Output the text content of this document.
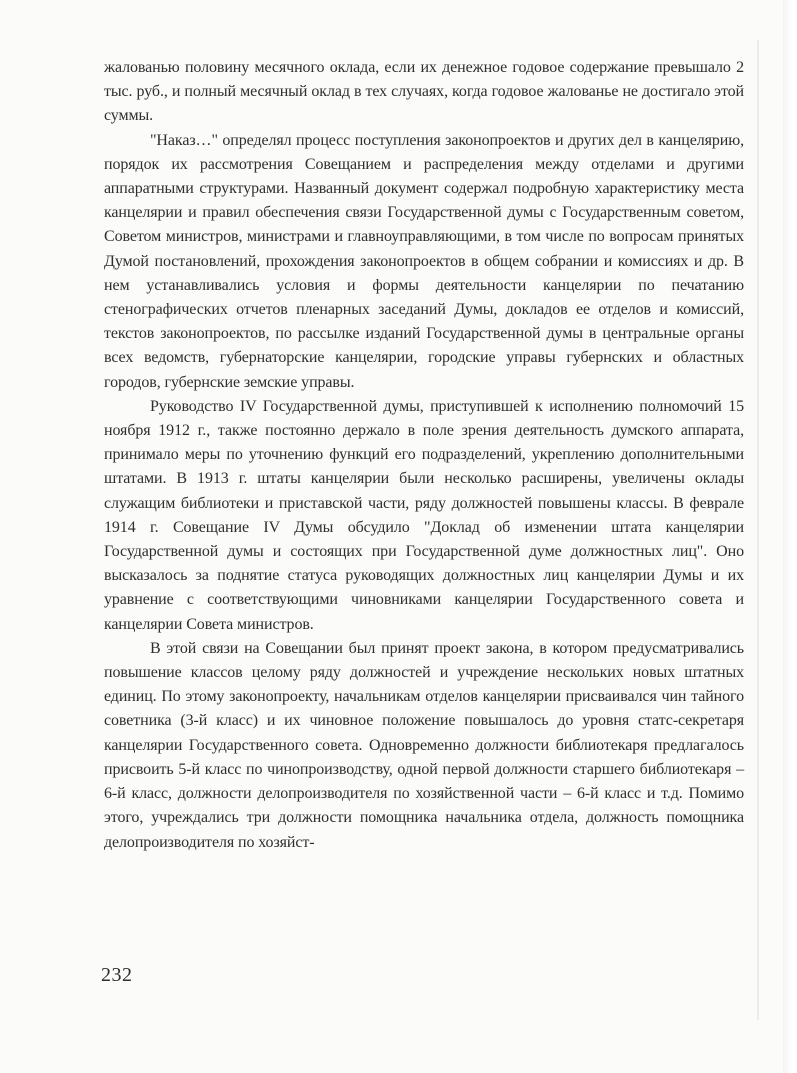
жалованью половину месячного оклада, если их денежное годовое содержание превышало 2 тыс. руб., и полный месячный оклад в тех случаях, когда годовое жалованье не достигало этой суммы.

"Наказ…" определял процесс поступления законопроектов и других дел в канцелярию, порядок их рассмотрения Совещанием и распределения между отделами и другими аппаратными структурами. Названный документ содержал подробную характеристику места канцелярии и правил обеспечения связи Государственной думы с Государственным советом, Советом министров, министрами и главноуправляющими, в том числе по вопросам принятых Думой постановлений, прохождения законопроектов в общем собрании и комиссиях и др. В нем устанавливались условия и формы деятельности канцелярии по печатанию стенографических отчетов пленарных заседаний Думы, докладов ее отделов и комиссий, текстов законопроектов, по рассылке изданий Государственной думы в центральные органы всех ведомств, губернаторские канцелярии, городские управы губернских и областных городов, губернские земские управы.

Руководство IV Государственной думы, приступившей к исполнению полномочий 15 ноября 1912 г., также постоянно держало в поле зрения деятельность думского аппарата, принимало меры по уточнению функций его подразделений, укреплению дополнительными штатами. В 1913 г. штаты канцелярии были несколько расширены, увеличены оклады служащим библиотеки и приставской части, ряду должностей повышены классы. В феврале 1914 г. Совещание IV Думы обсудило "Доклад об изменении штата канцелярии Государственной думы и состоящих при Государственной думе должностных лиц". Оно высказалось за поднятие статуса руководящих должностных лиц канцелярии Думы и их уравнение с соответствующими чиновниками канцелярии Государственного совета и канцелярии Совета министров.

В этой связи на Совещании был принят проект закона, в котором предусматривались повышение классов целому ряду должностей и учреждение нескольких новых штатных единиц. По этому законопроекту, начальникам отделов канцелярии присваивался чин тайного советника (3-й класс) и их чиновное положение повышалось до уровня статс-секретаря канцелярии Государственного совета. Одновременно должности библиотекаря предлагалось присвоить 5-й класс по чинопроизводству, одной первой должности старшего библиотекаря – 6-й класс, должности делопроизводителя по хозяйственной части – 6-й класс и т.д. Помимо этого, учреждались три должности помощника начальника отдела, должность помощника делопроизводителя по хозяйст-

232
